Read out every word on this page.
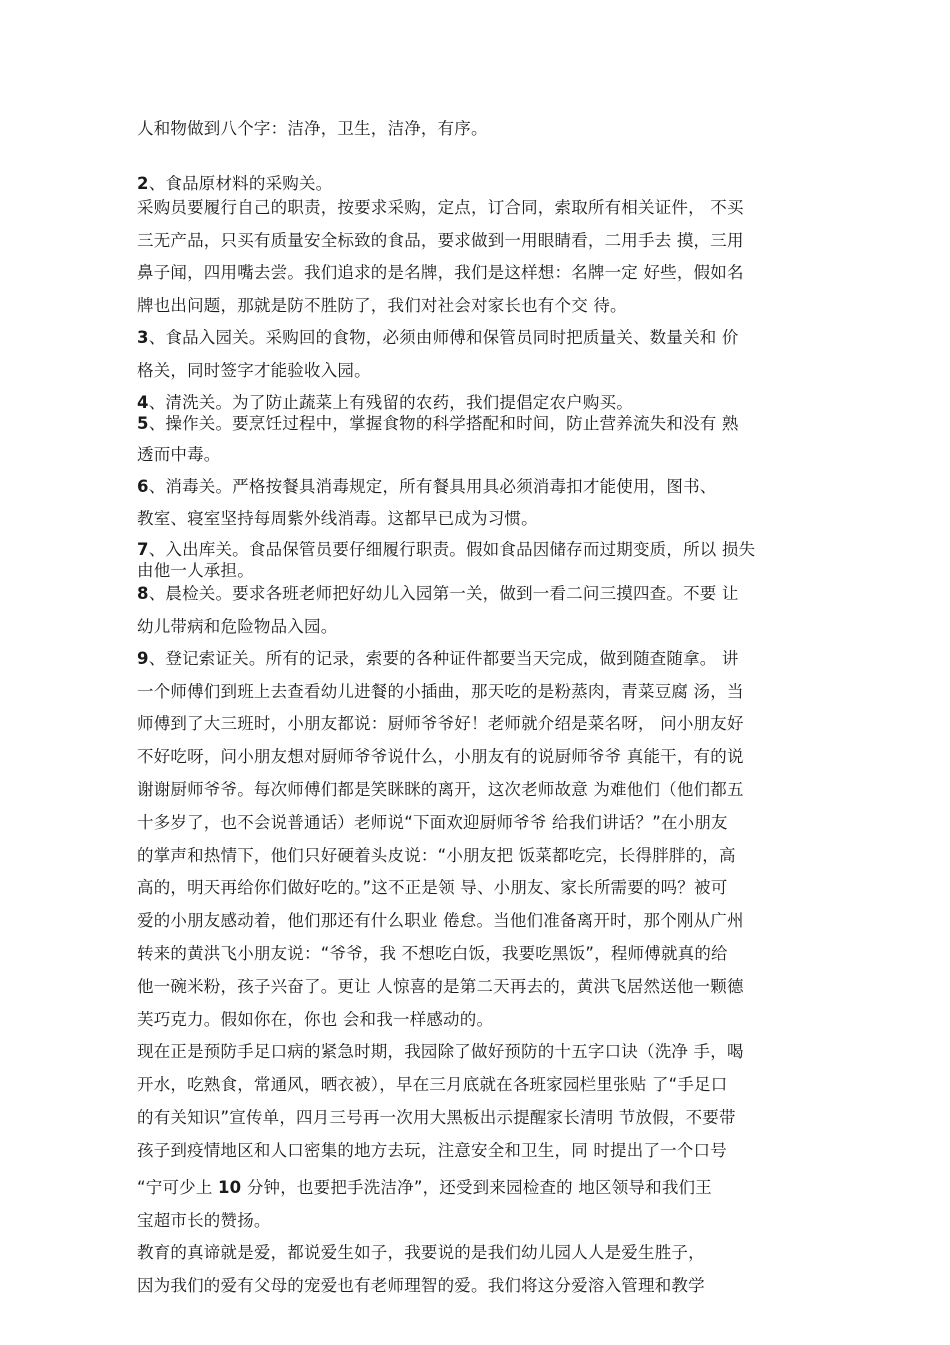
人和物做到八个字：洁净，卫生，洁净，有序。
2、食品原材料的采购关。
采购员要履行自己的职责，按要求采购，定点，订合同，索取所有相关证件， 不买
三无产品，只买有质量安全标致的食品，要求做到一用眼睛看，二用手去 摸，三用
鼻子闻，四用嘴去尝。我们追求的是名牌，我们是这样想：名牌一定 好些，假如名
牌也出问题，那就是防不胜防了，我们对社会对家长也有个交 待。
3、食品入园关。采购回的食物，必须由师傅和保管员同时把质量关、数量关和 价
格关，同时签字才能验收入园。
4、清洗关。为了防止蔬菜上有残留的农药，我们提倡定农户购买。
5、操作关。要烹饪过程中，掌握食物的科学搭配和时间，防止营养流失和没有 熟
透而中毒。
6、消毒关。严格按餐具消毒规定，所有餐具用具必须消毒扣才能使用，图书、
教室、寝室坚持每周紫外线消毒。这都早已成为习惯。
7、入出库关。食品保管员要仔细履行职责。假如食品因储存而过期变质，所以 损失
由他一人承担。
8、晨检关。要求各班老师把好幼儿入园第一关，做到一看二问三摸四查。不要 让
幼儿带病和危险物品入园。
9、登记索证关。所有的记录，索要的各种证件都要当天完成，做到随查随拿。 讲
一个师傅们到班上去查看幼儿进餐的小插曲，那天吃的是粉蒸肉，青菜豆腐 汤，当
师傅到了大三班时，小朋友都说：厨师爷爷好！老师就介绍是菜名呀， 问小朋友好
不好吃呀，问小朋友想对厨师爷爷说什么，小朋友有的说厨师爷爷 真能干，有的说
谢谢厨师爷爷。每次师傅们都是笑眯眯的离开，这次老师故意 为难他们（他们都五
十多岁了，也不会说普通话）老师说“下面欢迎厨师爷爷 给我们讲话？”在小朋友
的掌声和热情下，他们只好硬着头皮说：“小朋友把 饭菜都吃完，长得胖胖的，高
高的，明天再给你们做好吃的。”这不正是领 导、小朋友、家长所需要的吗？被可
爱的小朋友感动着，他们那还有什么职业 倦怠。当他们准备离开时，那个刚从广州
转来的黄洪飞小朋友说：“爷爷，我 不想吃白饭，我要吃黑饭”，程师傅就真的给
他一碗米粉，孩子兴奋了。更让 人惊喜的是第二天再去的，黄洪飞居然送他一颗德
芙巧克力。假如你在，你也 会和我一样感动的。
现在正是预防手足口病的紧急时期，我园除了做好预防的十五字口诀（洗净 手，喝
开水，吃熟食，常通风，晒衣被），早在三月底就在各班家园栏里张贴 了“手足口
的有关知识”宣传单，四月三号再一次用大黑板出示提醒家长清明 节放假，不要带
孩子到疫情地区和人口密集的地方去玩，注意安全和卫生，同 时提出了一个口号
“宁可少上 10 分钟，也要把手洗洁净”，还受到来园检查的 地区领导和我们王
宝超市长的赞扬。
教育的真谛就是爱，都说爱生如子，我要说的是我们幼儿园人人是爱生胜子，
因为我们的爱有父母的宠爱也有老师理智的爱。我们将这分爱溶入管理和教学
